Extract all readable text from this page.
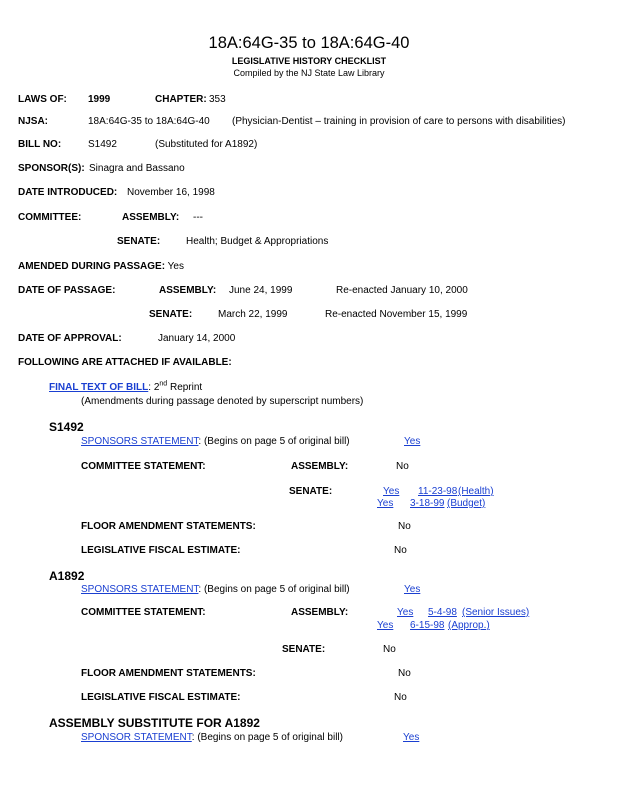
18A:64G-35 to 18A:64G-40
LEGISLATIVE HISTORY CHECKLIST
Compiled by the NJ State Law Library
LAWS OF: 1999	CHAPTER: 353
NJSA:	18A:64G-35 to 18A:64G-40 (Physician-Dentist – training in provision of care to persons with disabilities)
BILL NO:	S1492	(Substituted for A1892)
SPONSOR(S): Sinagra and Bassano
DATE INTRODUCED: November 16, 1998
COMMITTEE:	ASSEMBLY: ---
SENATE:	Health; Budget & Appropriations
AMENDED DURING PASSAGE: Yes
DATE OF PASSAGE:	ASSEMBLY: June 24, 1999	Re-enacted January 10, 2000
SENATE:	March 22, 1999	Re-enacted November 15, 1999
DATE OF APPROVAL:	January 14, 2000
FOLLOWING ARE ATTACHED IF AVAILABLE:
FINAL TEXT OF BILL: 2nd Reprint
(Amendments during passage denoted by superscript numbers)
S1492
SPONSORS STATEMENT: (Begins on page 5 of original bill)	Yes
COMMITTEE STATEMENT:	ASSEMBLY:	No
SENATE:	Yes 11-23-98 (Health)
Yes 3-18-99 (Budget)
FLOOR AMENDMENT STATEMENTS:	No
LEGISLATIVE FISCAL ESTIMATE:	No
A1892
SPONSORS STATEMENT: (Begins on page 5 of original bill)	Yes
COMMITTEE STATEMENT:	ASSEMBLY:	Yes 5-4-98 (Senior Issues)
Yes 6-15-98 (Approp.)
SENATE:	No
FLOOR AMENDMENT STATEMENTS:	No
LEGISLATIVE FISCAL ESTIMATE:	No
ASSEMBLY SUBSTITUTE FOR A1892
SPONSOR STATEMENT: (Begins on page 5 of original bill)	Yes
